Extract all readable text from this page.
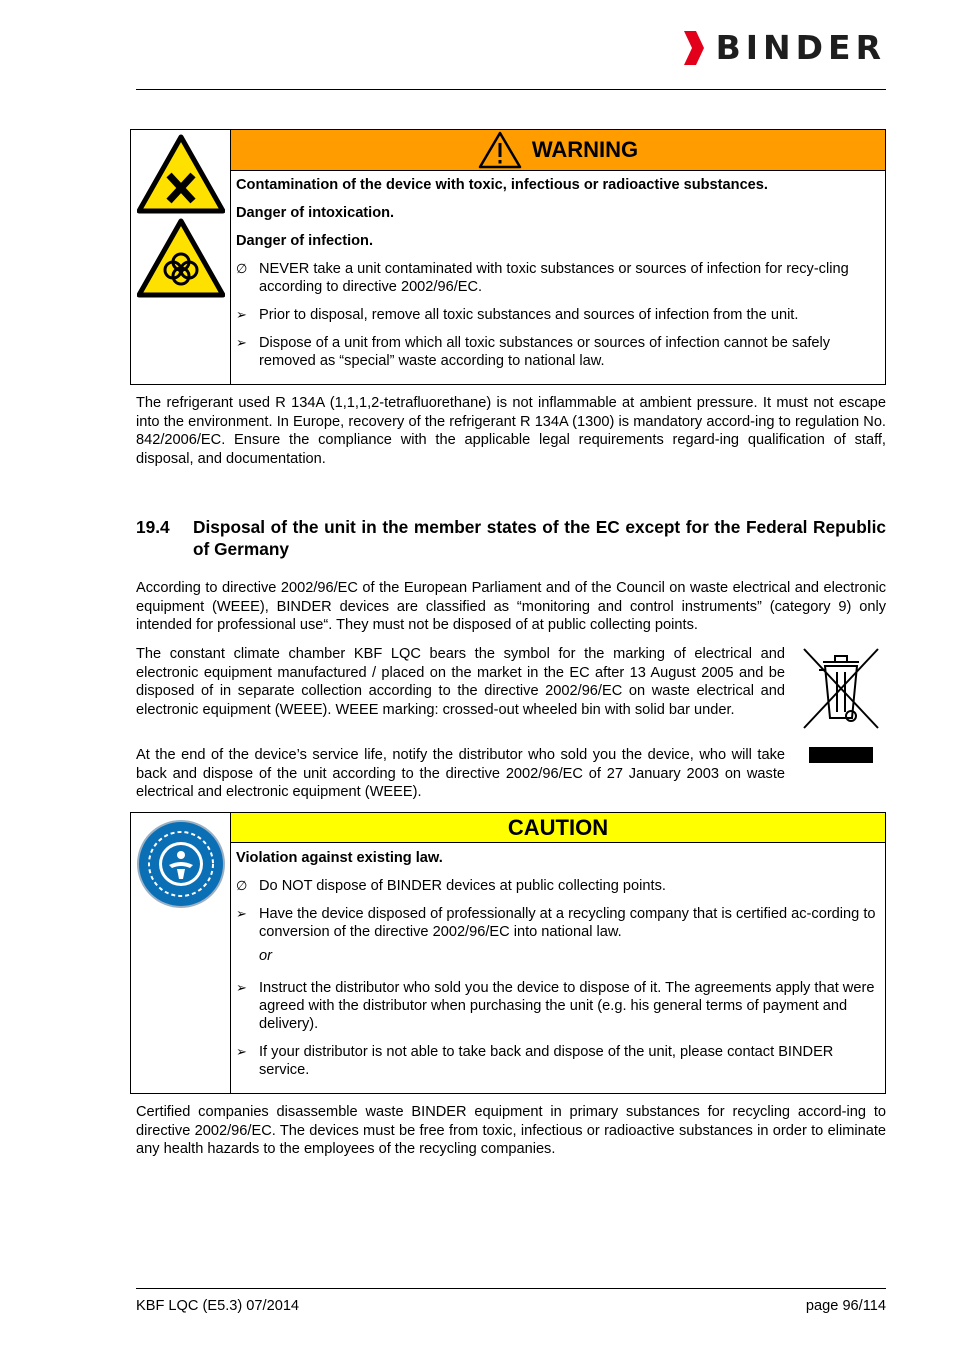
BINDER
WARNING

Contamination of the device with toxic, infectious or radioactive substances.

Danger of intoxication.

Danger of infection.

∅ NEVER take a unit contaminated with toxic substances or sources of infection for recy-cling according to directive 2002/96/EC.
➢ Prior to disposal, remove all toxic substances and sources of infection from the unit.
➢ Dispose of a unit from which all toxic substances or sources of infection cannot be safely removed as “special” waste according to national law.

The refrigerant used R 134A (1,1,1,2-tetrafluorethane) is not inflammable at ambient pressure. It must not escape into the environment. In Europe, recovery of the refrigerant R 134A (1300) is mandatory accord-ing to regulation No. 842/2006/EC. Ensure the compliance with the applicable legal requirements regard-ing qualification of staff, disposal, and documentation.

19.4	Disposal of the unit in the member states of the EC except for the Federal Republic of Germany

According to directive 2002/96/EC of the European Parliament and of the Council on waste electrical and electronic equipment (WEEE), BINDER devices are classified as “monitoring and control instruments” (category 9) only intended for professional use“. They must not be disposed of at public collecting points.

The constant climate chamber KBF LQC bears the symbol for the marking of electrical and electronic equipment manufactured / placed on the market in the EC after 13 August 2005 and be disposed of in separate collection according to the directive 2002/96/EC on waste electrical and electronic equipment (WEEE). WEEE marking: crossed-out wheeled bin with solid bar under.

At the end of the device’s service life, notify the distributor who sold you the device, who will take back and dispose of the unit according to the directive 2002/96/EC of 27 January 2003 on waste electrical and electronic equipment (WEEE).

CAUTION

Violation against existing law.

∅ Do NOT dispose of BINDER devices at public collecting points.
➢ Have the device disposed of professionally at a recycling company that is certified ac-cording to conversion of the directive 2002/96/EC into national law.
or
➢ Instruct the distributor who sold you the device to dispose of it. The agreements apply that were agreed with the distributor when purchasing the unit (e.g. his general terms of payment and delivery).
➢ If your distributor is not able to take back and dispose of the unit, please contact BINDER service.

Certified companies disassemble waste BINDER equipment in primary substances for recycling accord-ing to directive 2002/96/EC. The devices must be free from toxic, infectious or radioactive substances in order to eliminate any health hazards to the employees of the recycling companies.

KBF LQC (E5.3) 07/2014	page 96/114
